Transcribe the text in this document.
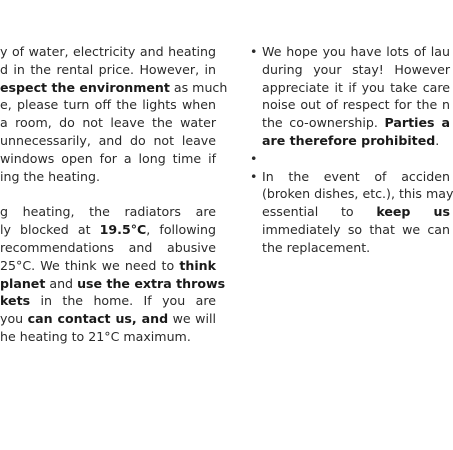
y of water, electricity and heating
d in the rental price. However, in
espect the environment as much
e, please turn off the lights when
a room, do not leave the water
unnecessarily, and do not leave
windows open for a long time if
ing the heating.
g heating, the radiators are
ly blocked at 19.5°C, following
recommendations and abusive
25°C. We think we need to think
planet and use the extra throws
kets in the home. If you are
you can contact us, and we will
he heating to 21°C maximum.
• We hope you have lots of lau
during your stay! However
appreciate it if you take care
noise out of respect for the n
the co-ownership. Parties a
are therefore prohibited.
•
• In the event of acciden
(broken dishes, etc.), this may
essential to keep us
immediately so that we can
the replacement.
